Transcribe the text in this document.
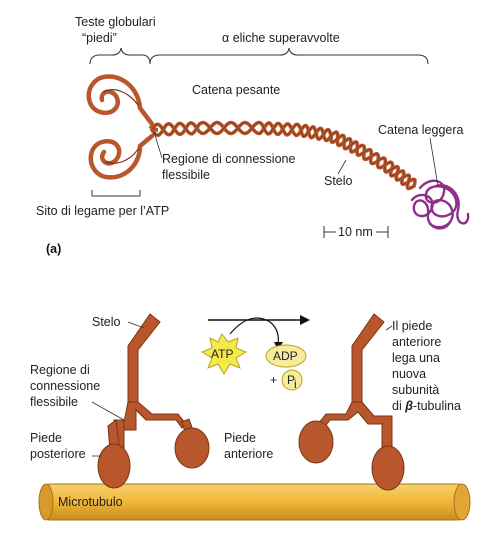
Teste globulari
“piedi”	α eliche superavvolte
Catena pesante
Catena leggera
Regione di connessione
flessibile	Stelo
Sito di legame per l’ATP
10 nm
(a)
Microtubulo
Stelo
Regione di
connessione
flessibile
Piede
posteriore
Piede
anteriore
ATP	ADP
+ P
i
Il piede
anteriore
lega una
nuova
subunità
di β-tubulina
